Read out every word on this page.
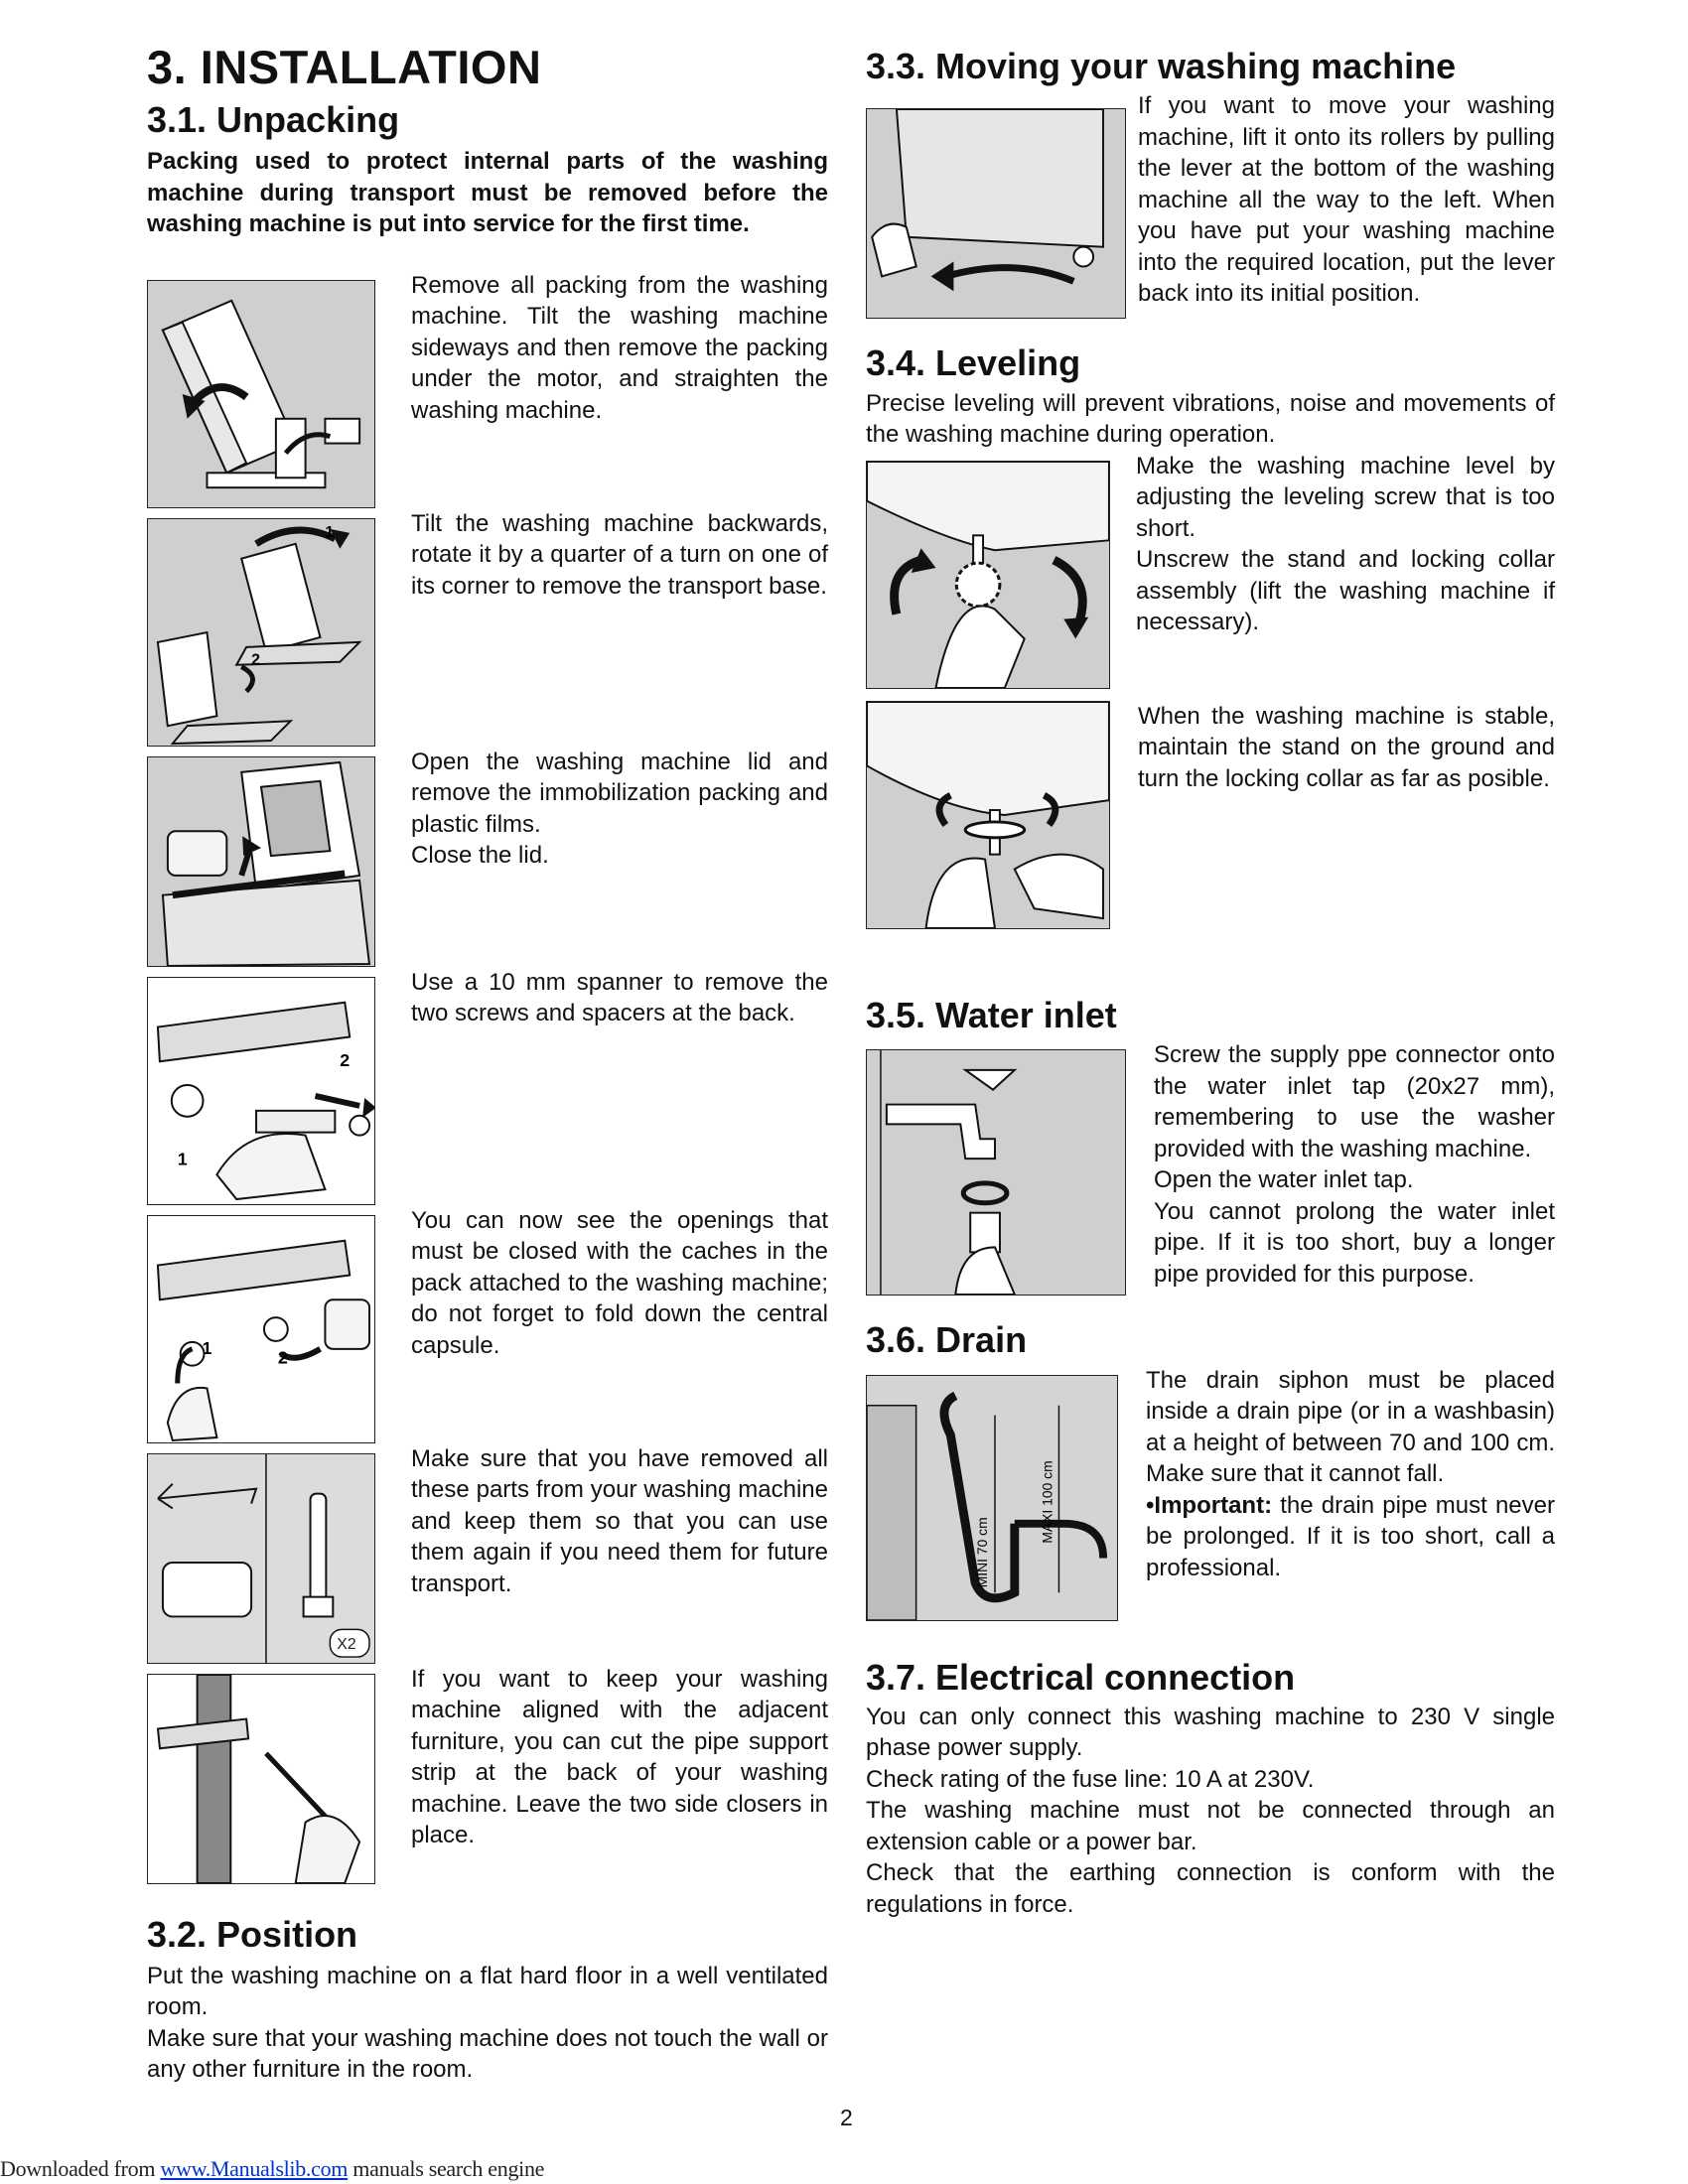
3. INSTALLATION
3.1. Unpacking

Packing used to protect internal parts of the washing machine during transport must be removed before the washing machine is put into service for the first time.

Remove all packing from the washing machine. Tilt the washing machine sideways and then remove the packing under the motor, and straighten the washing machine.

1
2

Tilt the washing machine backwards, rotate it by a quarter of a turn on one of its corner to remove the transport base.

Open the washing machine lid and remove the immobilization packing and plastic films.

Close the lid.

2
1

Use a 10 mm spanner to remove the two screws and spacers at the back.

1	2

You can now see the openings that must be closed with the caches in the pack attached to the washing machine; do not forget to fold down the central capsule.

X2

Make sure that you have removed all these parts from your washing machine and keep them so that you can use them again if you need them for future transport.

If you want to keep your washing machine aligned with the adjacent furniture, you can cut the pipe support strip at the back of your washing machine. Leave the two side closers in place.

3.2. Position

Put the washing machine on a flat hard floor in a well ventilated room.

Make sure that your washing machine does not touch the wall or any other furniture in the room.

3.3. Moving your washing machine

If you want to move your washing machine, lift it onto its rollers by pulling the lever at the bottom of the washing machine all the way to the left. When you have put your washing machine into the required location, put the lever back into its initial position.

3.4. Leveling

Precise leveling will prevent vibrations, noise and movements of the washing machine during operation.

Make the washing machine level by adjusting the leveling screw that is too short.

Unscrew the stand and locking collar assembly (lift the washing machine if necessary).

When the washing machine is stable, maintain the stand on the ground and turn the locking collar as far as posible.

3.5. Water inlet

Screw the supply ppe connector onto the water inlet tap (20x27 mm), remembering to use the washer provided with the washing machine.

Open the water inlet tap.

You cannot prolong the water inlet pipe. If it is too short, buy a longer pipe provided for this purpose.

3.6. Drain
MINI 70 cm
MAXI 100 cm

The drain siphon must be placed inside a drain pipe (or in a washbasin) at a height of between 70 and 100 cm. Make sure that it cannot fall.

•Important: the drain pipe must never be prolonged. If it is too short, call a professional.

3.7. Electrical connection

You can only connect this washing machine to 230 V single phase power supply.

Check rating of the fuse line: 10 A at 230V.

The washing machine must not be connected through an extension cable or a power bar.

Check that the earthing connection is conform with the regulations in force.

2
Downloaded from www.Manualslib.com manuals search engine
